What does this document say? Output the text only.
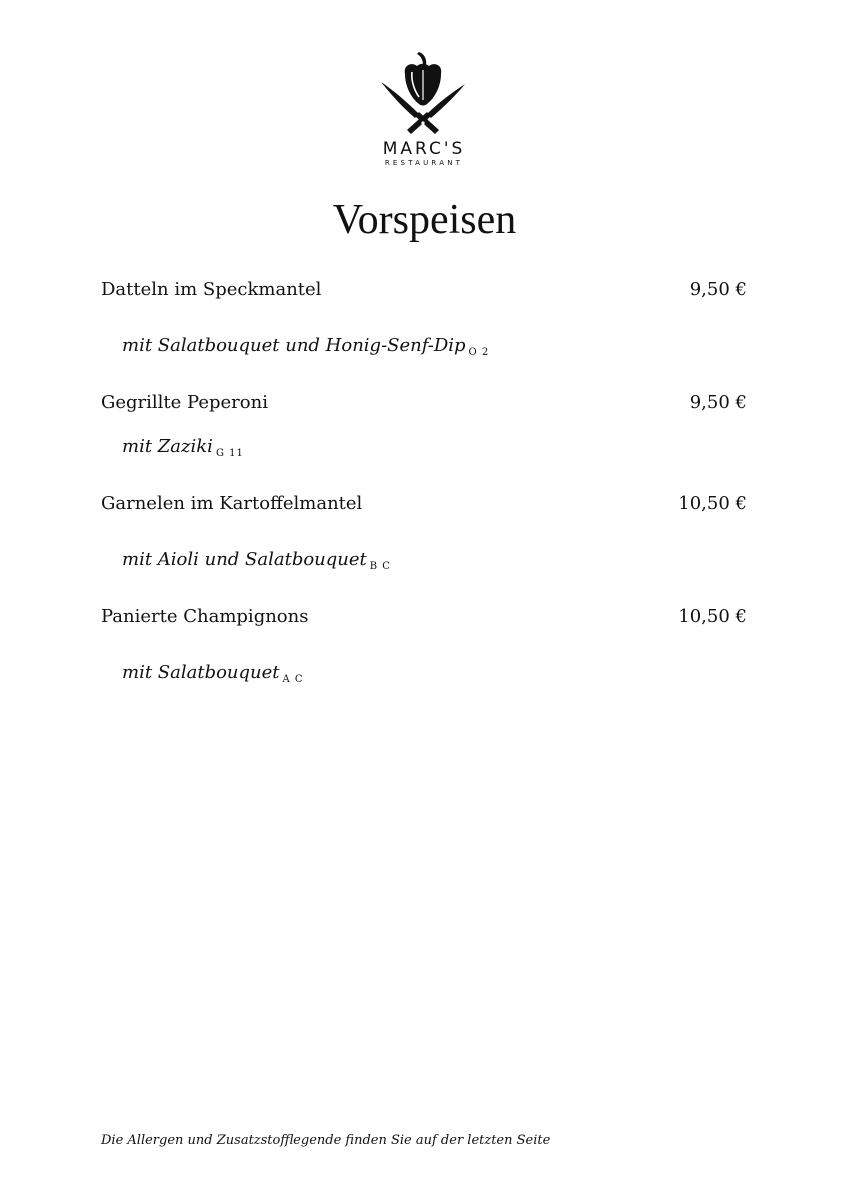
MARC'S
RESTAURANT
Vorspeisen
Datteln im Speckmantel	9,50 €
mit Salatbouquet und Honig-Senf-Dip $_{O 2}$
Gegrillte Peperoni	9,50 €
mit Zaziki $_{G 11}$
Garnelen im Kartoffelmantel	10,50 €
mit Aioli und Salatbouquet $_{B C}$
Panierte Champignons	10,50 €
mit Salatbouquet $_{A C}$
Die Allergen und Zusatzstofflegende finden Sie auf der letzten Seite
